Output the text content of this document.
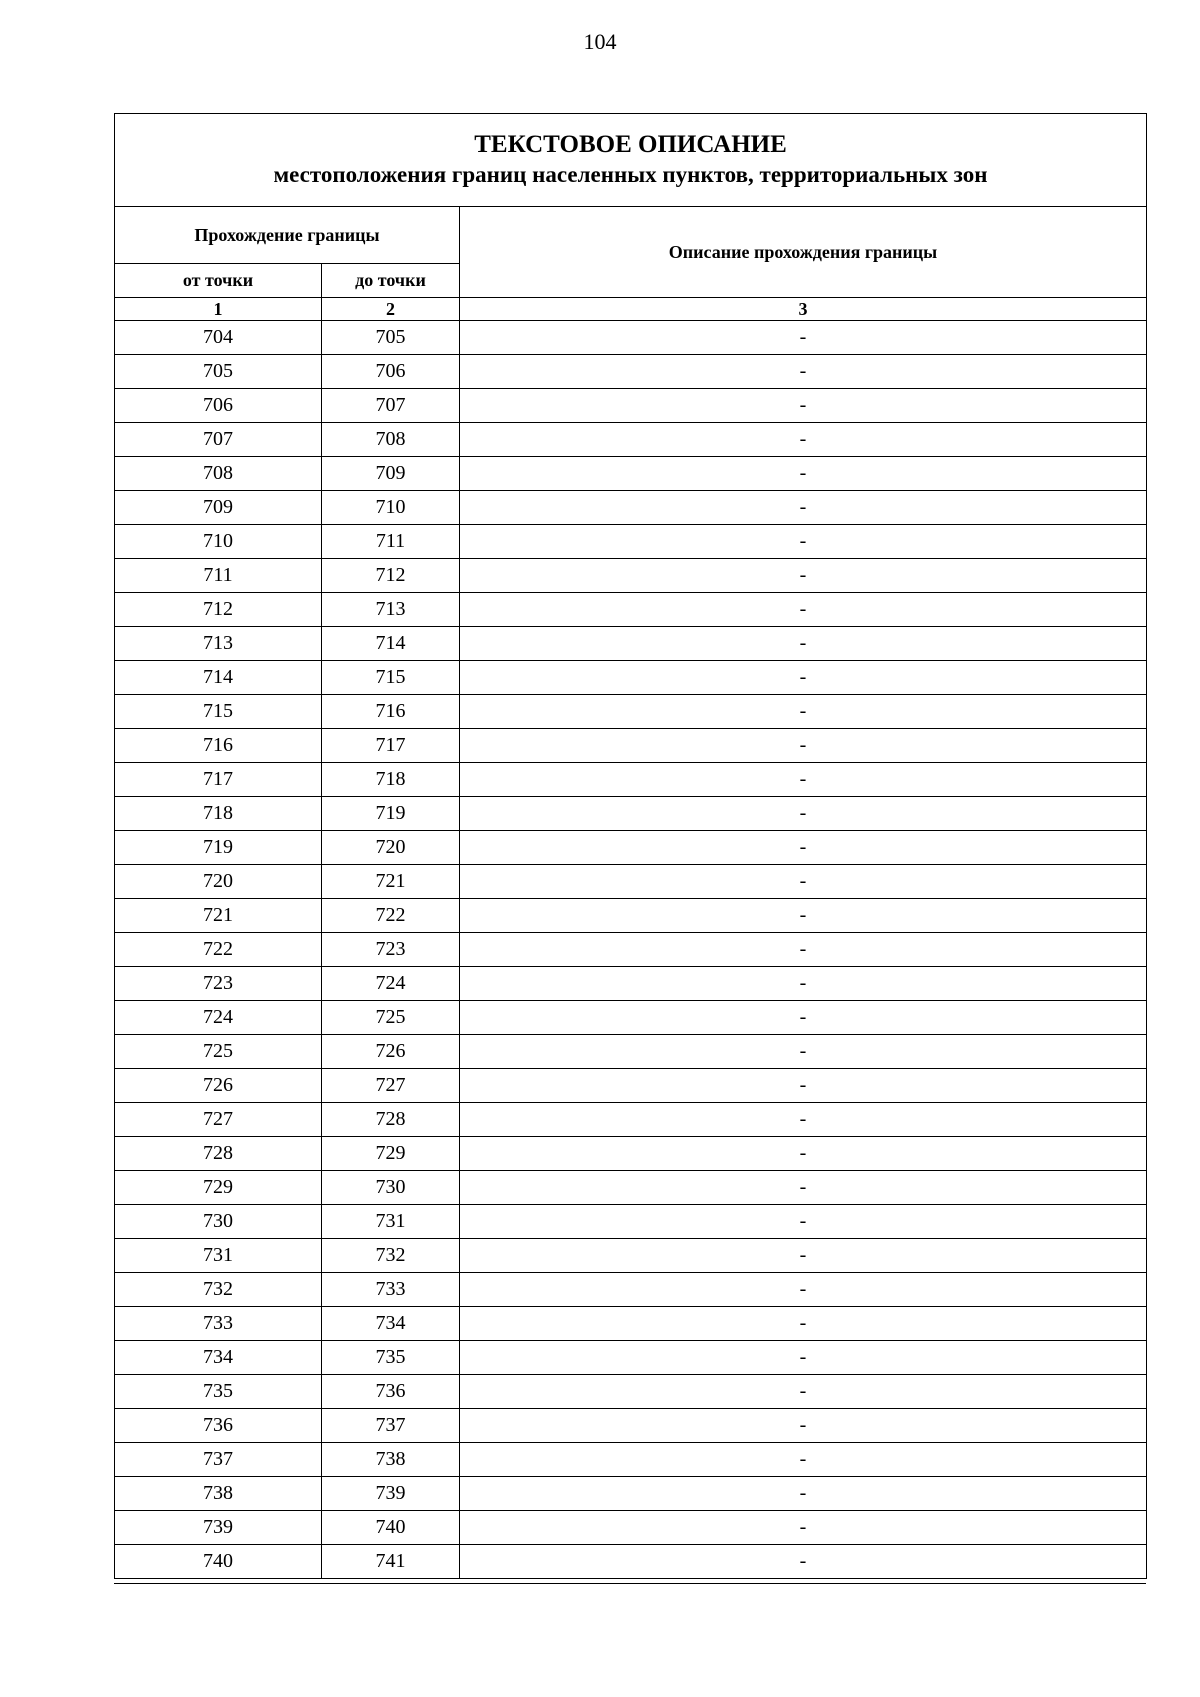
104
ТЕКСТОВОЕ ОПИСАНИЕ
местоположения границ населенных пунктов, территориальных зон		

Прохождение границы		Описание прохождения границы
от точки	до точки	
1	2	3
704	705	-
705	706	-
706	707	-
707	708	-
708	709	-
709	710	-
710	711	-
711	712	-
712	713	-
713	714	-
714	715	-
715	716	-
716	717	-
717	718	-
718	719	-
719	720	-
720	721	-
721	722	-
722	723	-
723	724	-
724	725	-
725	726	-
726	727	-
727	728	-
728	729	-
729	730	-
730	731	-
731	732	-
732	733	-
733	734	-
734	735	-
735	736	-
736	737	-
737	738	-
738	739	-
739	740	-
740	741	-
